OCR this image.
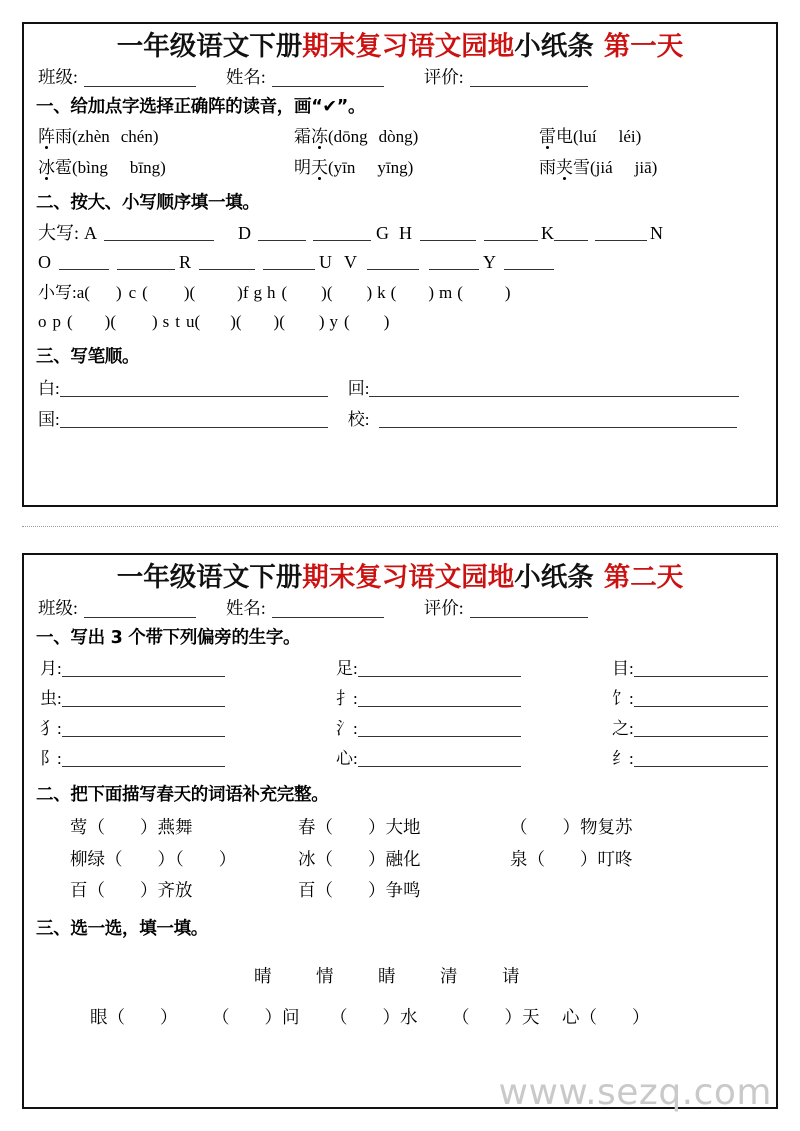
一年级语文下册期末复习语文园地小纸条 第一天
班级:	姓名:	评价:
一、给加点字选择正确阵的读音，画“✔”。
阵雨(zhèn chén)	霜冻(dōng dòng)	雷电(luí léi)
冰雹(bìng bīng)	明天(yīn yīng)	雨夹雪(jiá jiā)
二、按大、小写顺序填一填。
大写: A	D	G H	K	N
O	R	U V	Y
小写:a( ) c ( )( )f g h ( )( ) k ( ) m ( )
o p ( )( ) s t u( )( )( ) y ( )
三、写笔顺。
白:	回:
国:	校:
一年级语文下册期末复习语文园地小纸条 第二天
班级:	姓名:	评价:
一、写出 3 个带下列偏旁的生字。
月:	足:	目:
虫:	扌:	饣:
犭:	氵:	之:
阝:	心:	纟:
二、把下面描写春天的词语补充完整。
莺（　　）燕舞	春（　　）大地	（　　）物复苏
柳绿（　　）（　　）	冰（　　）融化	泉（　　）叮咚
百（　　）齐放	百（　　）争鸣
三、选一选，填一填。
晴	情	睛	清	请
眼（　　） （　　）问 （　　）水 （　　）天 心（　　）
www.sezq.com
